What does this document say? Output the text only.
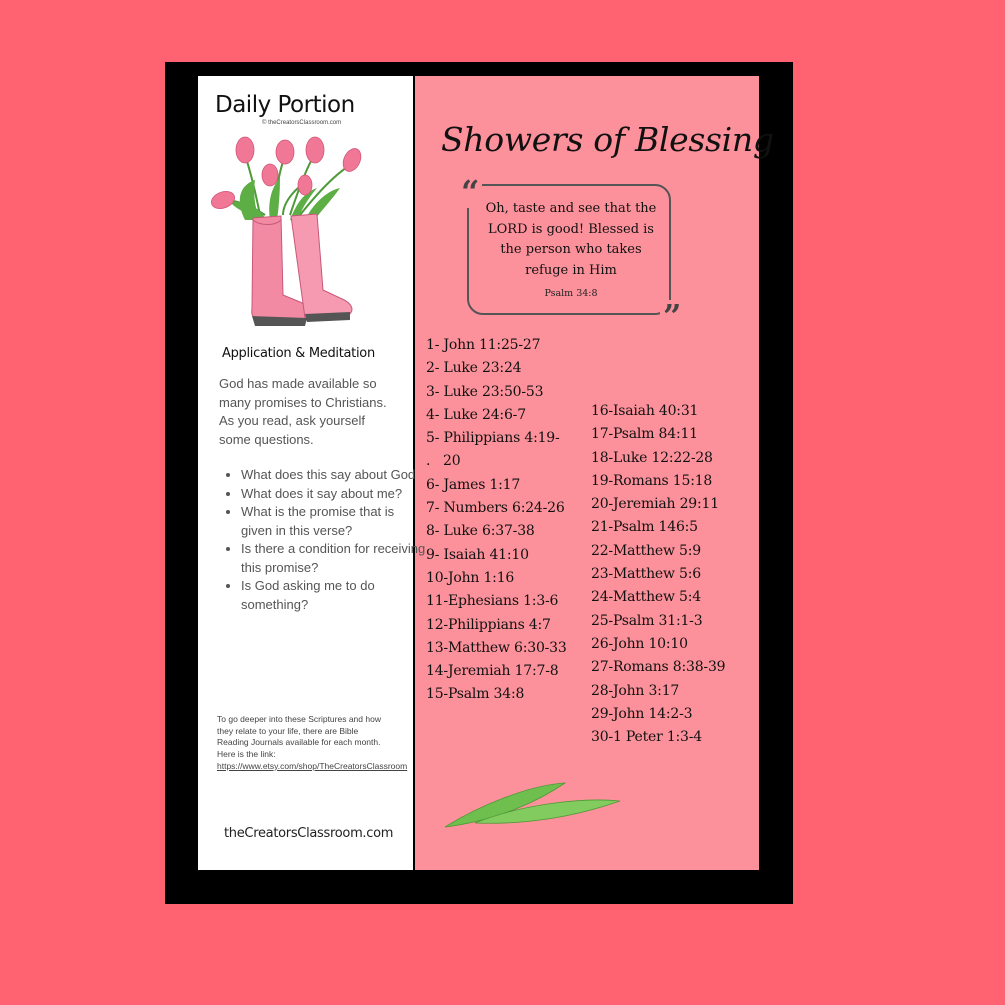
Daily Portion
© theCreatorsClassroom.com
Application & Meditation
God has made available so many promises to Christians. As you read, ask yourself some questions.
• What does this say about God
• What does it say about me?
• What is the promise that is given in this verse?
• Is there a condition for receiving this promise?
• Is God asking me to do something?
To go deeper into these Scriptures and how they relate to your life, there are Bible Reading Journals available for each month. Here is the link:
https://www.etsy.com/shop/TheCreatorsClassroom
theCreatorsClassroom.com
Showers of Blessing
“
”
Oh, taste and see that the LORD is good! Blessed is the person who takes refuge in Him
Psalm 34:8
1- John 11:25-27
2- Luke 23:24
3- Luke 23:50-53
4- Luke 24:6-7
5- Philippians 4:19-
.   20
6- James 1:17
7- Numbers 6:24-26
8- Luke 6:37-38
9- Isaiah 41:10
10-John 1:16
11-Ephesians 1:3-6
12-Philippians 4:7
13-Matthew 6:30-33
14-Jeremiah 17:7-8
15-Psalm 34:8
16-Isaiah 40:31
17-Psalm 84:11
18-Luke 12:22-28
19-Romans 15:18
20-Jeremiah 29:11
21-Psalm 146:5
22-Matthew 5:9
23-Matthew 5:6
24-Matthew 5:4
25-Psalm 31:1-3
26-John 10:10
27-Romans 8:38-39
28-John 3:17
29-John 14:2-3
30-1 Peter 1:3-4
